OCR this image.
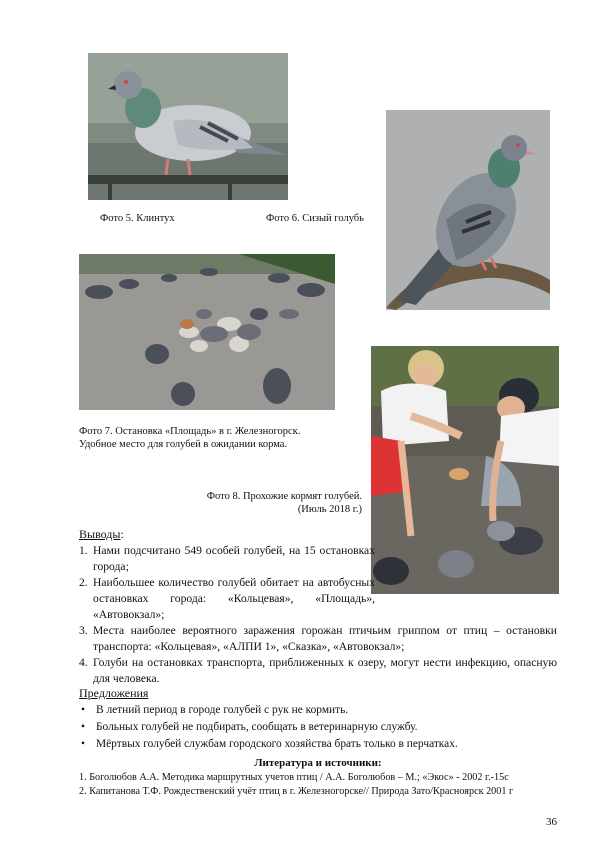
Фото 5. Клинтух	Фото 6. Сизый голубь
Фото 7. Остановка «Площадь» в г. Железногорск.
Удобное место для голубей в ожидании корма.
Фото 8. Прохожие кормят голубей.
(Июль 2018 г.)
Выводы:
1. Нами подсчитано 549 особей голубей, на 15 остановках города;
2. Наибольшее количество голубей обитает на автобусных остановках города: «Кольцевая», «Площадь», «Автовокзал»;
3. Места наиболее вероятного заражения горожан птичьим гриппом от птиц – остановки транспорта: «Кольцевая», «АЛПИ 1», «Сказка», «Автовокзал»;
4. Голуби на остановках транспорта, приближенных к озеру, могут нести инфекцию, опасную для человека.
Предложения
• В летний период в городе голубей с рук не кормить.
• Больных голубей не подбирать, сообщать в ветеринарную службу.
• Мёртвых голубей службам городского хозяйства брать только в перчатках.
Литература и источники:
1. Боголюбов А.А. Методика маршрутных учетов птиц / А.А. Боголюбов – М.; «Экос» - 2002 г.-15с
2. Капитанова Т.Ф. Рождественский учёт птиц в г. Железногорске// Природа Зато/Красноярск 2001 г
36
